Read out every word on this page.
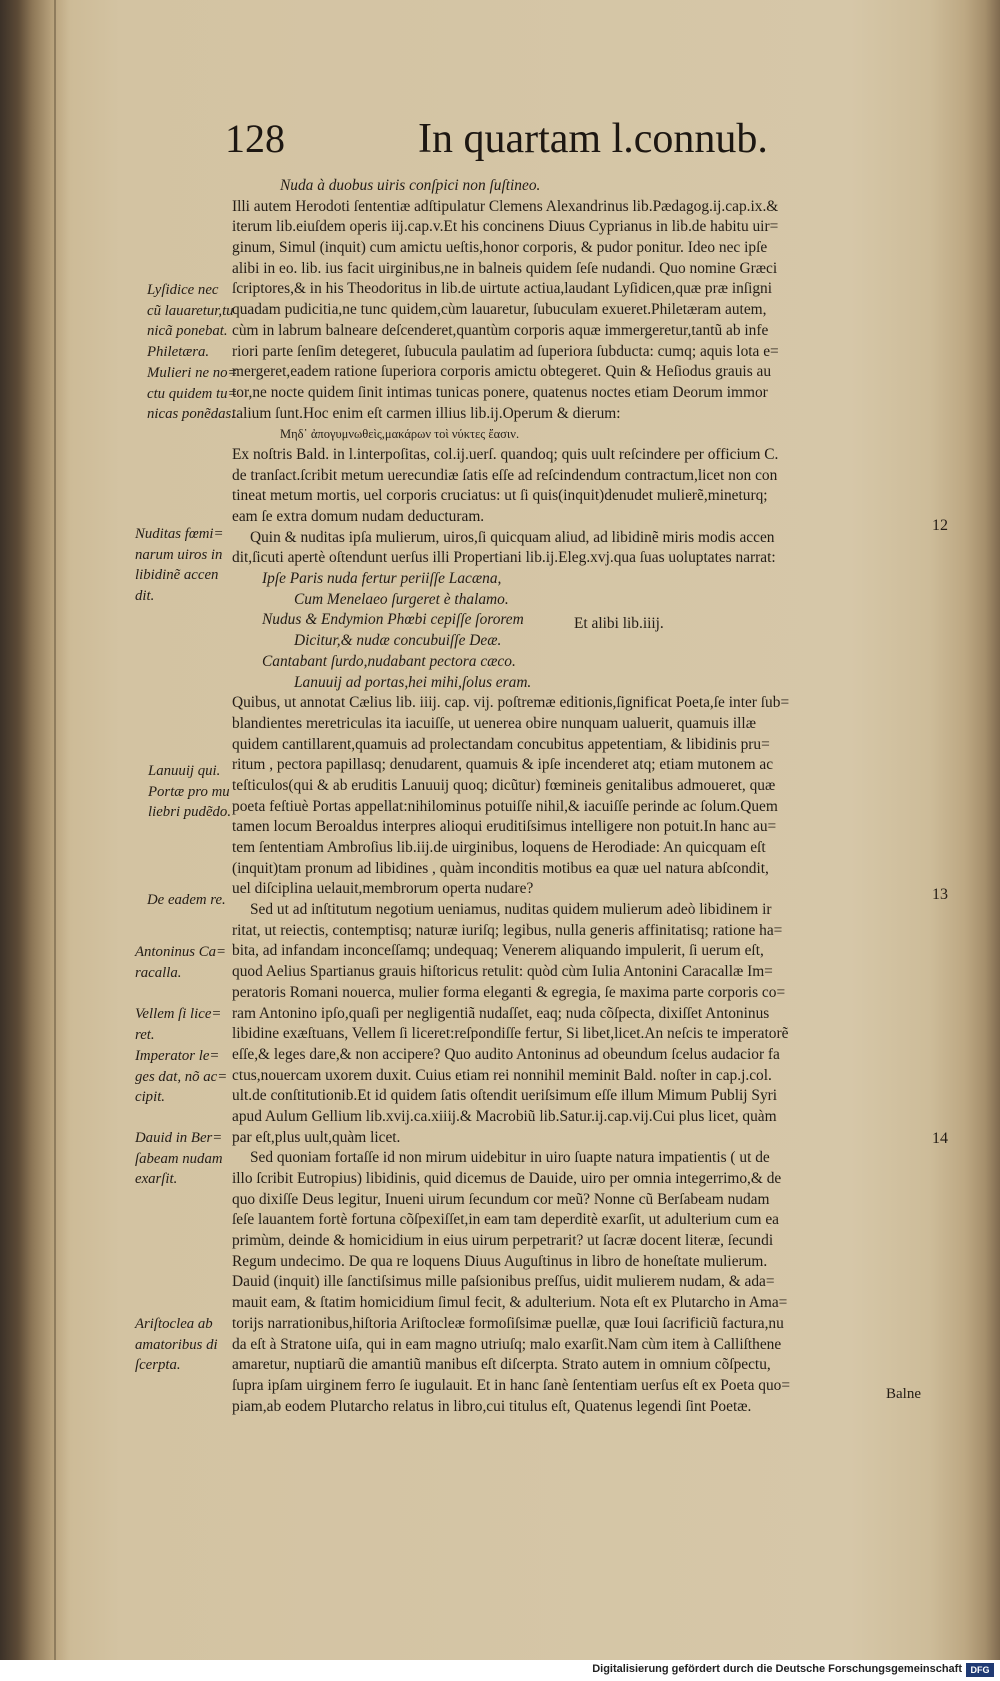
128	In quartam l.connub.
Nuda à duobus uiris conſpici non ſuſtineo.
Illi autem Herodoti ſententiæ adſtipulatur Clemens Alexandrinus lib.Pædagog.ij.cap.ix.&
iterum lib.eiuſdem operis iij.cap.v.Et his concinens Diuus Cyprianus in lib.de habitu uir=
ginum, Simul (inquit) cum amictu ueſtis,honor corporis, & pudor ponitur. Ideo nec ipſe
alibi in eo. lib. ius facit uirginibus,ne in balneis quidem ſeſe nudandi. Quo nomine Græci
ſcriptores,& in his Theodoritus in lib.de uirtute actiua,laudant Lyſidicen,quæ præ inſigni
quadam pudicitia,ne tunc quidem,cùm lauaretur, ſubuculam exueret.Philetæram autem,
cùm in labrum balneare deſcenderet,quantùm corporis aquæ immergeretur,tantũ ab infe
riori parte ſenſim detegeret, ſubucula paulatim ad ſuperiora ſubducta: cumq; aquis lota e=
mergeret,eadem ratione ſuperiora corporis amictu obtegeret. Quin & Heſiodus grauis au
tor,ne nocte quidem ſinit intimas tunicas ponere, quatenus noctes etiam Deorum immor
talium ſunt.Hoc enim eſt carmen illius lib.ij.Operum & dierum:
Μηδ᾽ ἀπογυμνωθεὶς,μακάρων τοὶ νύκτες ἔασιν.
Ex noſtris Bald. in l.interpoſitas, col.ij.uerſ. quandoq; quis uult reſcindere per officium C.
de tranſact.ſcribit metum uerecundiæ ſatis eſſe ad reſcindendum contractum,licet non con
tineat metum mortis, uel corporis cruciatus: ut ſi quis(inquit)denudet mulierẽ,mineturq;
eam ſe extra domum nudam deducturam.
Quin & nuditas ipſa mulierum, uiros,ſi quicquam aliud, ad libidinẽ miris modis accen
dit,ſicuti apertè oſtendunt uerſus illi Propertiani lib.ij.Eleg.xvj.qua ſuas uoluptates narrat:
Ipſe Paris nuda fertur periiſſe Lacæna,
Cum Menelaeo ſurgeret è thalamo.
Nudus & Endymion Phœbi cepiſſe ſororem
Dicitur,& nudæ concubuiſſe Deæ.
Cantabant ſurdo,nudabant pectora cæco.
Lanuuij ad portas,hei mihi,ſolus eram.
Quibus, ut annotat Cælius lib. iiij. cap. vij. poſtremæ editionis,ſignificat Poeta,ſe inter ſub=
blandientes meretriculas ita iacuiſſe, ut uenerea obire nunquam ualuerit, quamuis illæ
quidem cantillarent,quamuis ad prolectandam concubitus appetentiam, & libidinis pru=
ritum , pectora papillasq; denudarent, quamuis & ipſe incenderet atq; etiam mutonem ac
teſticulos(qui & ab eruditis Lanuuij quoq; dicũtur) fœmineis genitalibus admoueret, quæ
poeta feſtiuè Portas appellat:nihilominus potuiſſe nihil,& iacuiſſe perinde ac ſolum.Quem
tamen locum Beroaldus interpres alioqui eruditiſsimus intelligere non potuit.In hanc au=
tem ſententiam Ambroſius lib.iij.de uirginibus, loquens de Herodiade: An quicquam eſt
(inquit)tam pronum ad libidines , quàm inconditis motibus ea quæ uel natura abſcondit,
uel diſciplina uelauit,membrorum operta nudare?
Sed ut ad inſtitutum negotium ueniamus, nuditas quidem mulierum adeò libidinem ir
ritat, ut reiectis, contemptisq; naturæ iuriſq; legibus, nulla generis affinitatisq; ratione ha=
bita, ad infandam inconceſſamq; undequaq; Venerem aliquando impulerit, ſi uerum eſt,
quod Aelius Spartianus grauis hiſtoricus retulit: quòd cùm Iulia Antonini Caracallæ Im=
peratoris Romani nouerca, mulier forma eleganti & egregia, ſe maxima parte corporis co=
ram Antonino ipſo,quaſi per negligentiã nudaſſet, eaq; nuda cõſpecta, dixiſſet Antoninus
libidine exæſtuans, Vellem ſi liceret:reſpondiſſe fertur, Si libet,licet.An neſcis te imperatorẽ
eſſe,& leges dare,& non accipere? Quo audito Antoninus ad obeundum ſcelus audacior fa
ctus,nouercam uxorem duxit. Cuius etiam rei nonnihil meminit Bald. noſter in cap.j.col.
ult.de conſtitutionib.Et id quidem ſatis oſtendit ueriſsimum eſſe illum Mimum Publij Syri
apud Aulum Gellium lib.xvij.ca.xiiij.& Macrobiũ lib.Satur.ij.cap.vij.Cui plus licet, quàm
par eſt,plus uult,quàm licet.
Sed quoniam fortaſſe id non mirum uidebitur in uiro ſuapte natura impatientis ( ut de
illo ſcribit Eutropius) libidinis, quid dicemus de Dauide, uiro per omnia integerrimo,& de
quo dixiſſe Deus legitur, Inueni uirum ſecundum cor meũ? Nonne cũ Berſabeam nudam
ſeſe lauantem fortè fortuna cõſpexiſſet,in eam tam deperditè exarſit, ut adulterium cum ea
primùm, deinde & homicidium in eius uirum perpetrarit? ut ſacræ docent literæ, ſecundi
Regum undecimo. De qua re loquens Diuus Auguſtinus in libro de honeſtate mulierum.
Dauid (inquit) ille ſanctiſsimus mille paſsionibus preſſus, uidit mulierem nudam, & ada=
mauit eam, & ſtatim homicidium ſimul fecit, & adulterium. Nota eſt ex Plutarcho in Ama=
torijs narrationibus,hiſtoria Ariſtocleæ formoſiſsimæ puellæ, quæ Ioui ſacrificiũ factura,nu
da eſt à Stratone uiſa, qui in eam magno utriuſq; malo exarſit.Nam cùm item à Calliſthene
amaretur, nuptiarũ die amantiũ manibus eſt diſcerpta. Strato autem in omnium cõſpectu,
ſupra ipſam uirginem ferro ſe iugulauit. Et in hanc ſanè ſententiam uerſus eſt ex Poeta quo=
piam,ab eodem Plutarcho relatus in libro,cui titulus eſt, Quatenus legendi ſint Poetæ.
Et alibi lib.iiij.
Lyſidice nec
cũ lauaretur,tu
nicã ponebat.
Philetæra.
Mulieri ne no=
ctu quidem tu=
nicas ponẽdas.
Nuditas fœmi=
narum uiros in
libidinẽ accen
dit.
Lanuuij qui.
Portæ pro mu
liebri pudẽdo.
De eadem re.
Antoninus Ca=
racalla.
Vellem ſi lice=
ret.
Imperator le=
ges dat, nõ ac=
cipit.
Dauid in Ber=
ſabeam nudam
exarſit.
Ariſtoclea ab
amatoribus di
ſcerpta.
12
13
14
Balne
Digitalisierung gefördert durch die Deutsche Forschungsgemeinschaft DFG
